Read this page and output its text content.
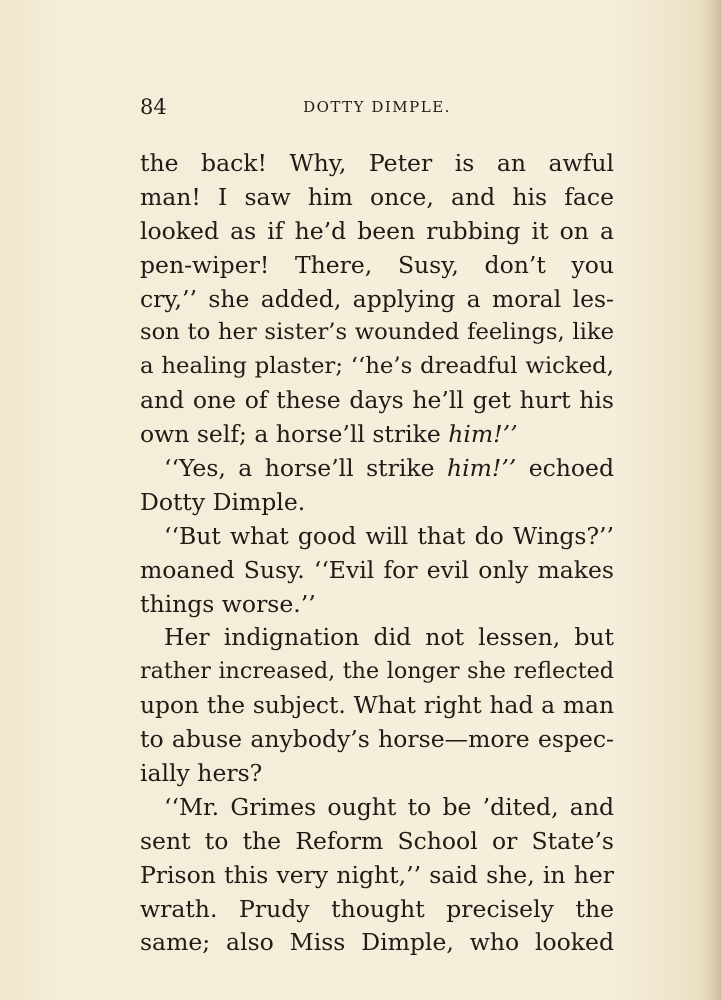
84	DOTTY DIMPLE.
the back! Why, Peter is an awful
man! I saw him once, and his face
looked as if he’d been rubbing it on a
pen-wiper! There, Susy, don’t you
cry,’’ she added, applying a moral les-
son to her sister’s wounded feelings, like
a healing plaster; ‘‘he’s dreadful wicked,
and one of these days he’ll get hurt his
own self; a horse’ll strike him!’’
‘‘Yes, a horse’ll strike him!’’ echoed
Dotty Dimple.
‘‘But what good will that do Wings?’’
moaned Susy. ‘‘Evil for evil only makes
things worse.’’
Her indignation did not lessen, but
rather increased, the longer she reflected
upon the subject. What right had a man
to abuse anybody’s horse—more espec-
ially hers?
‘‘Mr. Grimes ought to be ’dited, and
sent to the Reform School or State’s
Prison this very night,’’ said she, in her
wrath. Prudy thought precisely the
same; also Miss Dimple, who looked
